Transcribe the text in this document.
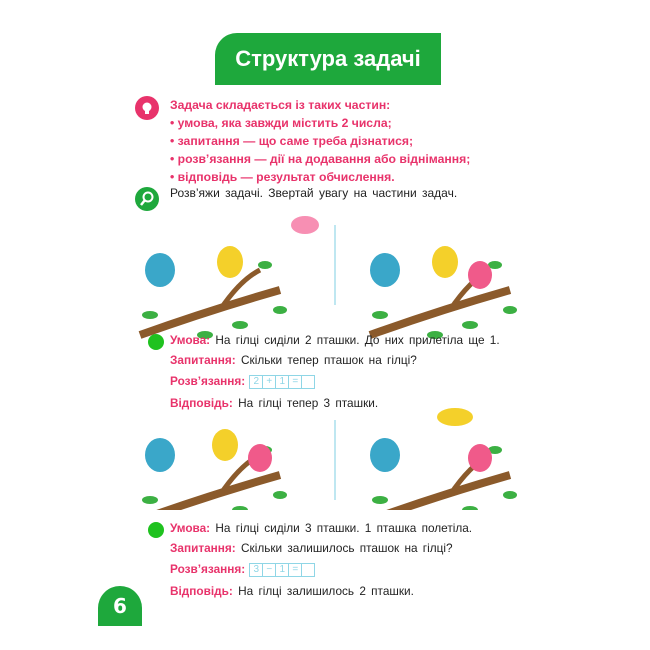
Структура задачі
Задача складається із таких частин:
• умова, яка завжди містить 2 числа;
• запитання — що саме треба дізнатися;
• розв’язання — дії на додавання або віднімання;
• відповідь — результат обчислення.
Розв’яжи задачі. Звертай увагу на частини задач.
Умова: На гілці сиділи 2 пташки. До них прилетіла ще 1.
Запитання: Скільки тепер пташок на гілці?
Розв’язання: 2 + 1 =
Відповідь: На гілці тепер 3 пташки.
Умова: На гілці сиділи 3 пташки. 1 пташка полетіла.
Запитання: Скільки залишилось пташок на гілці?
Розв’язання: 3 − 1 =
Відповідь: На гілці залишилось 2 пташки.
6
